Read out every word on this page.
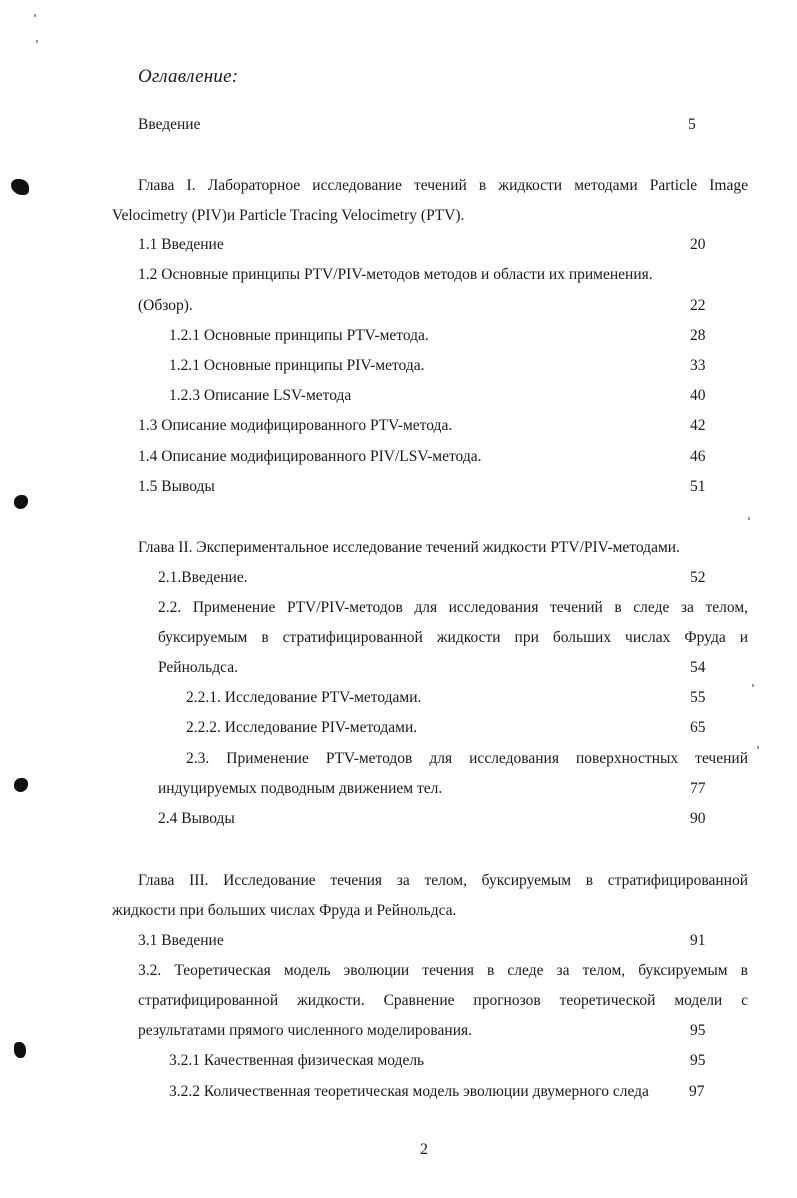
Оглавление:
Введение	5
Глава I. Лабораторное исследование течений в жидкости методами Particle Image
Velocimetry (PIV)и Particle Tracing Velocimetry (PTV).
1.1 Введение	20
1.2 Основные принципы PTV/PIV-методов методов и области их применения.
(Обзор).	22
1.2.1 Основные принципы PTV-метода.	28
1.2.1 Основные принципы PIV-метода.	33
1.2.3 Описание LSV-метода	40
1.3 Описание модифицированного PTV-метода.	42
1.4 Описание модифицированного PIV/LSV-метода.	46
1.5 Выводы	51
Глава II. Экспериментальное исследование течений жидкости PTV/PIV-методами.
2.1.Введение.	52
2.2. Применение PTV/PIV-методов для исследования течений в следе за телом,
буксируемым в стратифицированной жидкости при больших числах Фруда и
Рейнольдса.	54
2.2.1. Исследование PTV-методами.	55
2.2.2. Исследование PIV-методами.	65
2.3. Применение PTV-методов для исследования поверхностных течений
индуцируемых подводным движением тел.	77
2.4 Выводы	90
Глава III. Исследование течения за телом, буксируемым в стратифицированной
жидкости при больших числах Фруда и Рейнольдса.
3.1 Введение	91
3.2. Теоретическая модель эволюции течения в следе за телом, буксируемым в
стратифицированной жидкости. Сравнение прогнозов теоретической модели с
результатами прямого численного моделирования.	95
3.2.1 Качественная физическая модель	95
3.2.2 Количественная теоретическая модель эволюции двумерного следа	97
2
